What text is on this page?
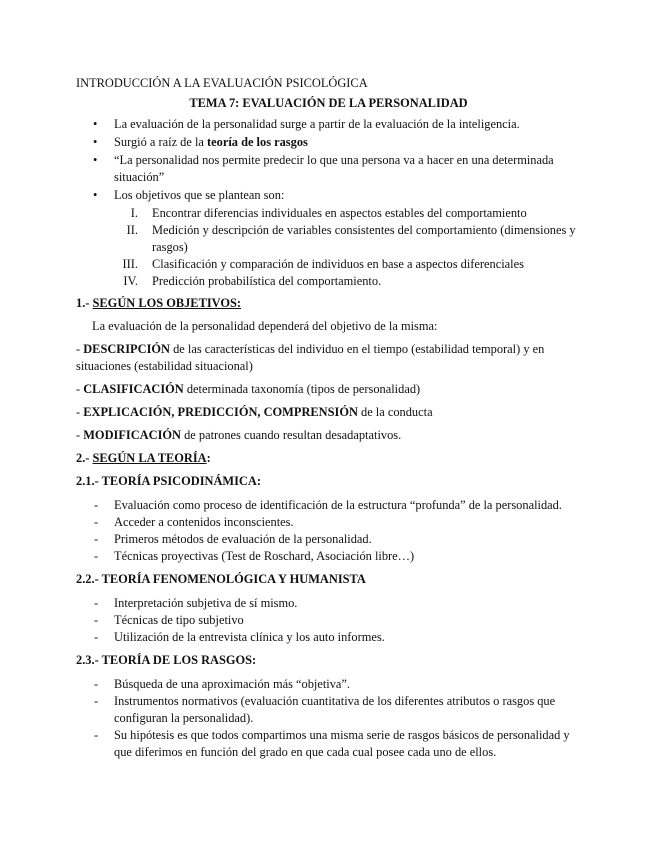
INTRODUCCIÓN A LA EVALUACIÓN PSICOLÓGICA

TEMA 7: EVALUACIÓN DE LA PERSONALIDAD

• La evaluación de la personalidad surge a partir de la evaluación de la inteligencia.
• Surgió a raíz de la teoría de los rasgos
• “La personalidad nos permite predecir lo que una persona va a hacer en una determinada situación”
• Los objetivos que se plantean son:
I. Encontrar diferencias individuales en aspectos estables del comportamiento
II. Medición y descripción de variables consistentes del comportamiento (dimensiones y rasgos)
III. Clasificación y comparación de individuos en base a aspectos diferenciales
IV. Predicción probabilística del comportamiento.

1.- SEGÚN LOS OBJETIVOS:

La evaluación de la personalidad dependerá del objetivo de la misma:

- DESCRIPCIÓN de las características del individuo en el tiempo (estabilidad temporal) y en situaciones (estabilidad situacional)

- CLASIFICACIÓN determinada taxonomía (tipos de personalidad)

- EXPLICACIÓN, PREDICCIÓN, COMPRENSIÓN de la conducta

- MODIFICACIÓN de patrones cuando resultan desadaptativos.

2.- SEGÚN LA TEORÍA:

2.1.- TEORÍA PSICODINÁMICA:

- Evaluación como proceso de identificación de la estructura “profunda” de la personalidad.
- Acceder a contenidos inconscientes.
- Primeros métodos de evaluación de la personalidad.
- Técnicas proyectivas (Test de Roschard, Asociación libre…)

2.2.- TEORÍA FENOMENOLÓGICA Y HUMANISTA

- Interpretación subjetiva de sí mismo.
- Técnicas de tipo subjetivo
- Utilización de la entrevista clínica y los auto informes.

2.3.- TEORÍA DE LOS RASGOS:

- Búsqueda de una aproximación más “objetiva”.
- Instrumentos normativos (evaluación cuantitativa de los diferentes atributos o rasgos que configuran la personalidad).
- Su hipótesis es que todos compartimos una misma serie de rasgos básicos de personalidad y que diferimos en función del grado en que cada cual posee cada uno de ellos.
